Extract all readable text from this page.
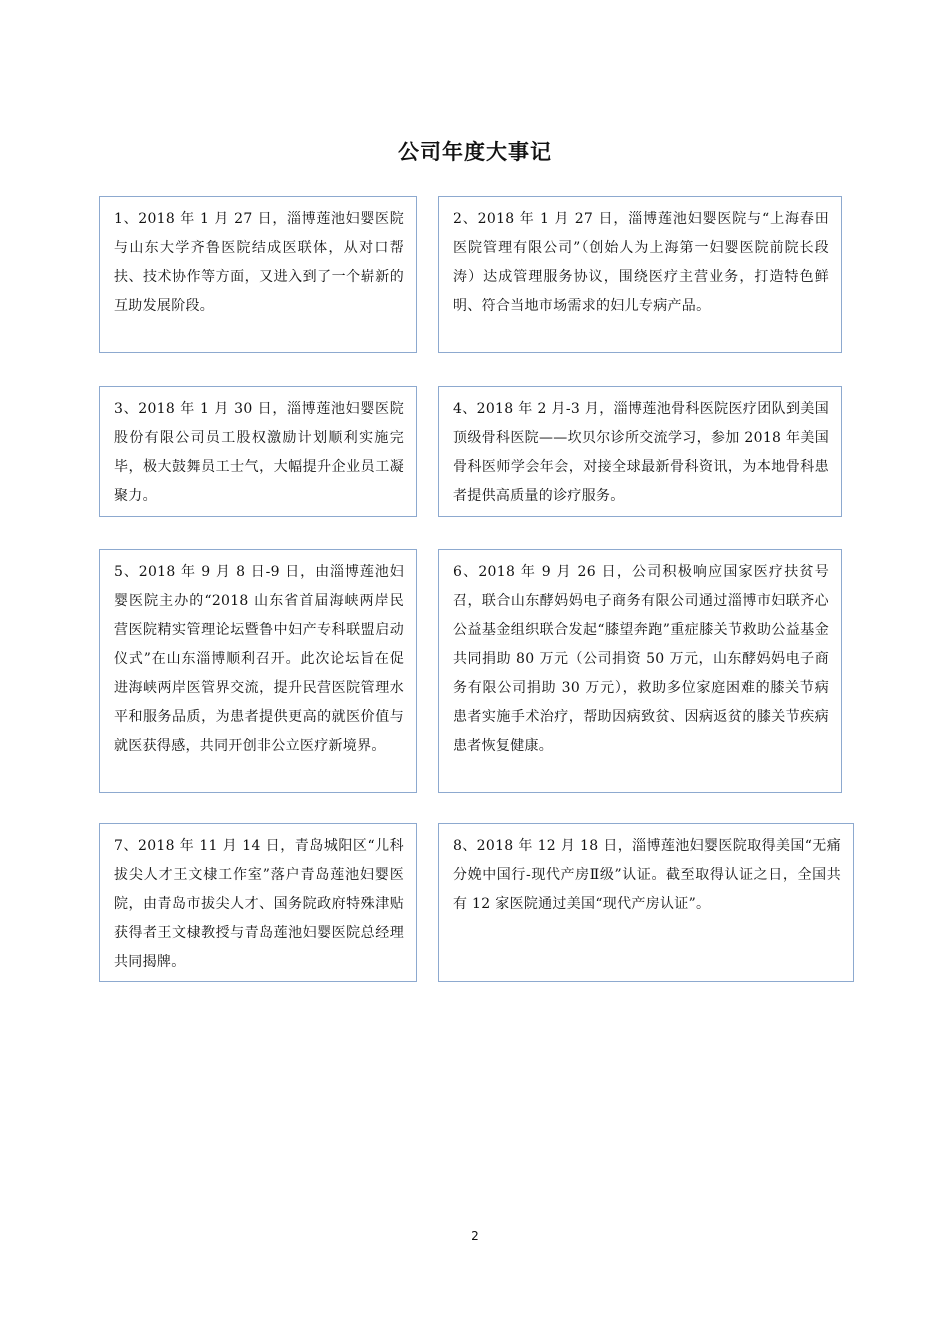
公司年度大事记
1、2018 年 1 月 27 日，淄博莲池妇婴医院与山东大学齐鲁医院结成医联体，从对口帮扶、技术协作等方面，又进入到了一个崭新的互助发展阶段。
2、2018 年 1 月 27 日，淄博莲池妇婴医院与“上海春田医院管理有限公司”（创始人为上海第一妇婴医院前院长段涛）达成管理服务协议，围绕医疗主营业务，打造特色鲜明、符合当地市场需求的妇儿专病产品。
3、2018 年 1 月 30 日，淄博莲池妇婴医院股份有限公司员工股权激励计划顺利实施完毕，极大鼓舞员工士气，大幅提升企业员工凝聚力。
4、2018 年 2 月-3 月，淄博莲池骨科医院医疗团队到美国顶级骨科医院——坎贝尔诊所交流学习，参加 2018 年美国骨科医师学会年会，对接全球最新骨科资讯，为本地骨科患者提供高质量的诊疗服务。
5、2018 年 9 月 8 日-9 日，由淄博莲池妇婴医院主办的“2018 山东省首届海峡两岸民营医院精实管理论坛暨鲁中妇产专科联盟启动仪式”在山东淄博顺利召开。此次论坛旨在促进海峡两岸医管界交流，提升民营医院管理水平和服务品质，为患者提供更高的就医价值与就医获得感，共同开创非公立医疗新境界。
6、2018 年 9 月 26 日，公司积极响应国家医疗扶贫号召，联合山东酵妈妈电子商务有限公司通过淄博市妇联齐心公益基金组织联合发起“膝望奔跑”重症膝关节救助公益基金共同捐助 80 万元（公司捐资 50 万元，山东酵妈妈电子商务有限公司捐助 30 万元），救助多位家庭困难的膝关节病患者实施手术治疗，帮助因病致贫、因病返贫的膝关节疾病患者恢复健康。
7、2018 年 11 月 14 日，青岛城阳区“儿科拔尖人才王文棣工作室”落户青岛莲池妇婴医院，由青岛市拔尖人才、国务院政府特殊津贴获得者王文棣教授与青岛莲池妇婴医院总经理共同揭牌。
8、2018 年 12 月 18 日，淄博莲池妇婴医院取得美国“无痛分娩中国行-现代产房Ⅱ级”认证。截至取得认证之日，全国共有 12 家医院通过美国“现代产房认证”。
2
